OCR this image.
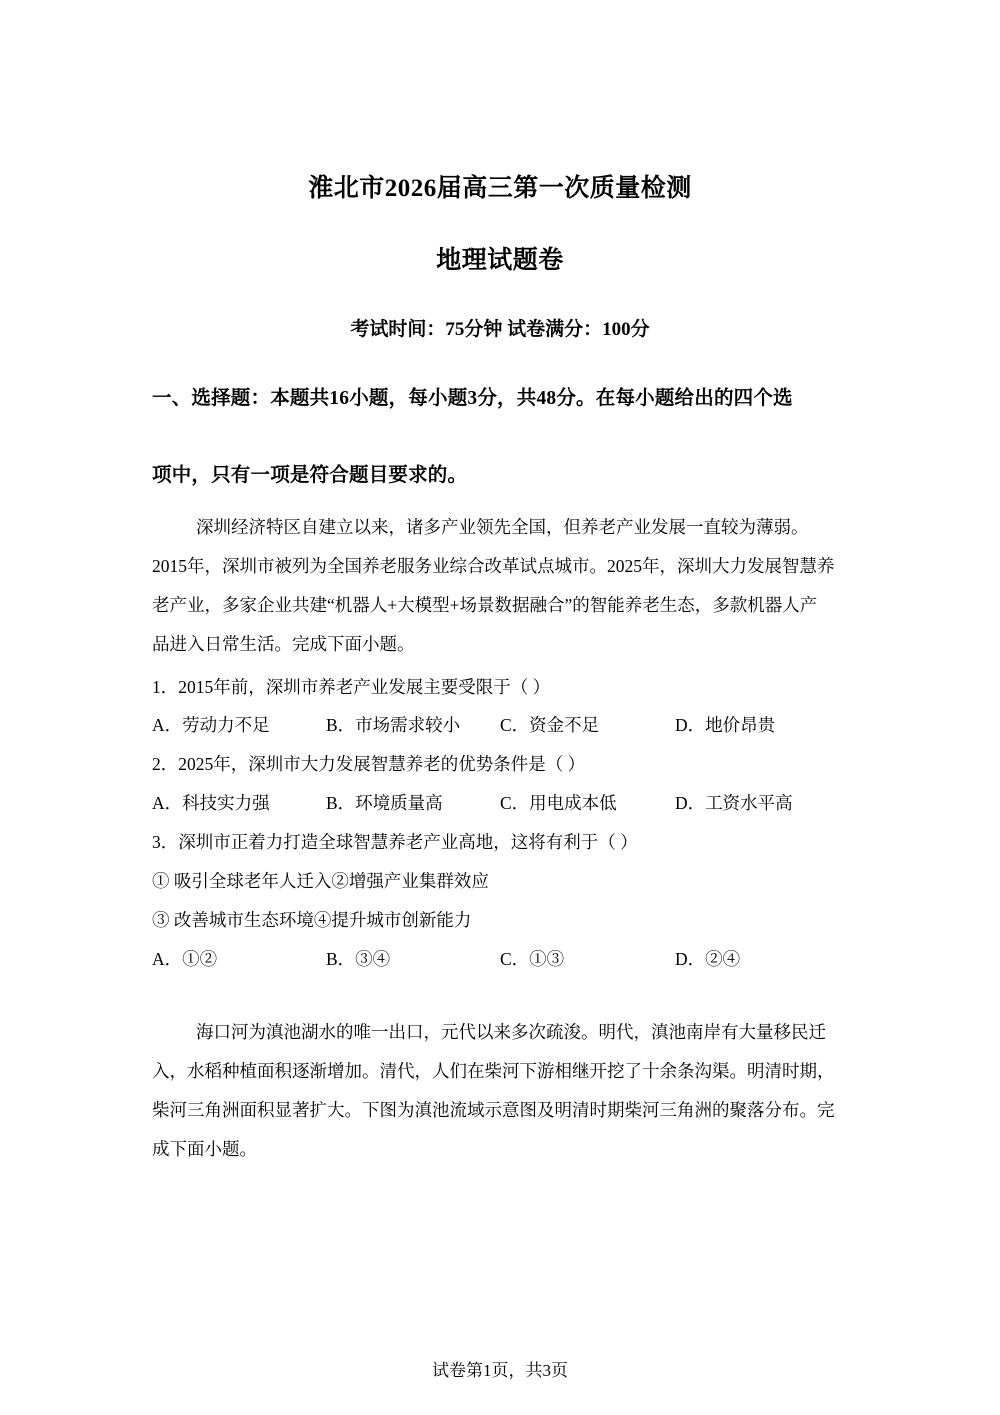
淮北市2026届高三第一次质量检测
地理试题卷
考试时间：75分钟 试卷满分：100分
一、选择题：本题共16小题，每小题3分，共48分。在每小题给出的四个选
项中，只有一项是符合题目要求的。
深圳经济特区自建立以来，诸多产业领先全国，但养老产业发展一直较为薄弱。
2015年，深圳市被列为全国养老服务业综合改革试点城市。2025年，深圳大力发展智慧养
老产业，多家企业共建“机器人+大模型+场景数据融合”的智能养老生态，多款机器人产
品进入日常生活。完成下面小题。
1．2015年前，深圳市养老产业发展主要受限于（ ）
A．劳动力不足	B．市场需求较小 C．资金不足	D．地价昂贵
2．2025年，深圳市大力发展智慧养老的优势条件是（ ）
A．科技实力强	B．环境质量高	C．用电成本低	D．工资水平高
3．深圳市正着力打造全球智慧养老产业高地，这将有利于（ ）
① 吸引全球老年人迁入②增强产业集群效应
③ 改善城市生态环境④提升城市创新能力
A．①②	B．③④	C．①③	D．②④
海口河为滇池湖水的唯一出口，元代以来多次疏浚。明代，滇池南岸有大量移民迁
入，水稻种植面积逐渐增加。清代，人们在柴河下游相继开挖了十余条沟渠。明清时期，
柴河三角洲面积显著扩大。下图为滇池流域示意图及明清时期柴河三角洲的聚落分布。完
成下面小题。
试卷第1页，共3页
